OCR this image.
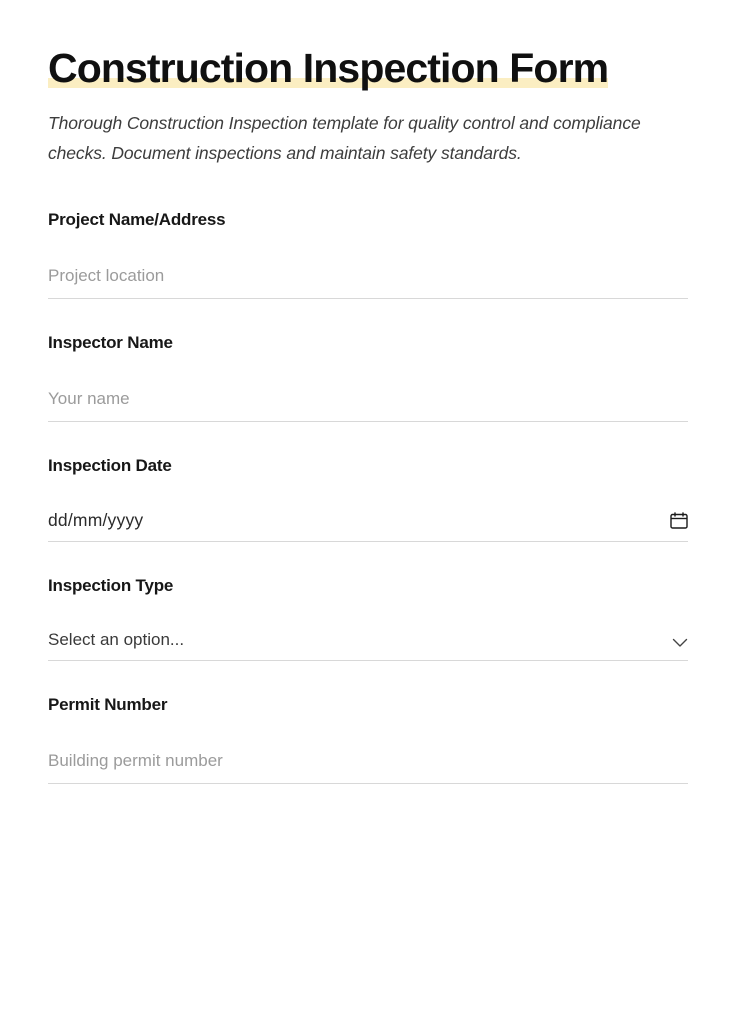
Construction Inspection Form

Thorough Construction Inspection template for quality control and compliance checks. Document inspections and maintain safety standards.

Project Name/Address
Project location
Inspector Name
Your name
Inspection Date
dd/mm/yyyy
Inspection Type
Select an option...
Permit Number
Building permit number
